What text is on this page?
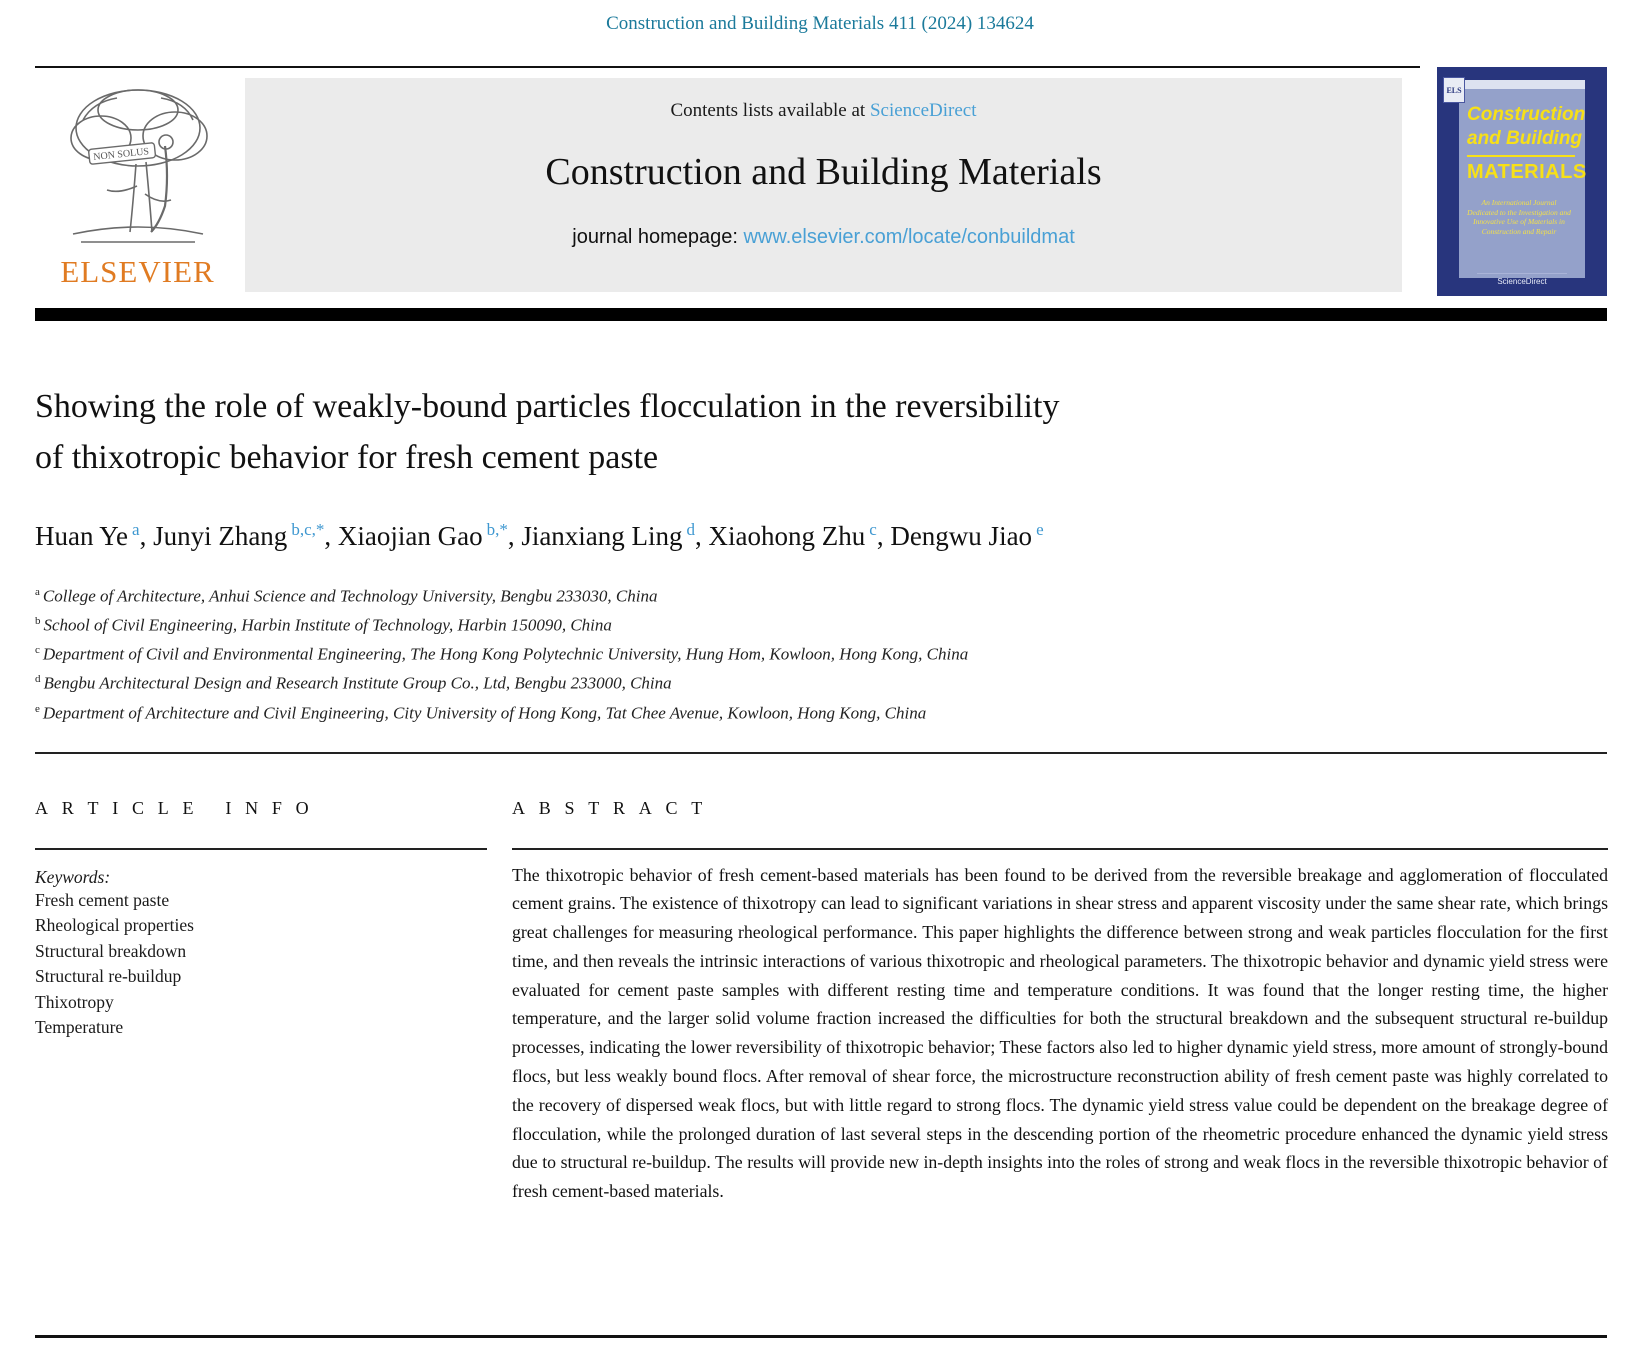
Construction and Building Materials 411 (2024) 134624
NON SOLUS
ELSEVIER
Contents lists available at ScienceDirect
Construction and Building Materials
journal homepage: www.elsevier.com/locate/conbuildmat
ELS
Construction
and Building
MATERIALS
An International Journal Dedicated to the Investigation and Innovative Use of Materials in Construction and Repair
ScienceDirect
Showing the role of weakly-bound particles flocculation in the reversibility
of thixotropic behavior for fresh cement paste
Huan Ye $^a$, Junyi Zhang $^{b,c,*}$, Xiaojian Gao $^{b,*}$, Jianxiang Ling $^d$, Xiaohong Zhu $^c$, Dengwu Jiao $^e$
$^a$ College of Architecture, Anhui Science and Technology University, Bengbu 233030, China
$^b$ School of Civil Engineering, Harbin Institute of Technology, Harbin 150090, China
$^c$ Department of Civil and Environmental Engineering, The Hong Kong Polytechnic University, Hung Hom, Kowloon, Hong Kong, China
$^d$ Bengbu Architectural Design and Research Institute Group Co., Ltd, Bengbu 233000, China
$^e$ Department of Architecture and Civil Engineering, City University of Hong Kong, Tat Chee Avenue, Kowloon, Hong Kong, China
A R T I C L E   I N F O
Keywords:
Fresh cement paste
Rheological properties
Structural breakdown
Structural re-buildup
Thixotropy
Temperature
A B S T R A C T
The thixotropic behavior of fresh cement-based materials has been found to be derived from the reversible breakage and agglomeration of flocculated cement grains. The existence of thixotropy can lead to significant variations in shear stress and apparent viscosity under the same shear rate, which brings great challenges for measuring rheological performance. This paper highlights the difference between strong and weak particles flocculation for the first time, and then reveals the intrinsic interactions of various thixotropic and rheological parameters. The thixotropic behavior and dynamic yield stress were evaluated for cement paste samples with different resting time and temperature conditions. It was found that the longer resting time, the higher temperature, and the larger solid volume fraction increased the difficulties for both the structural breakdown and the subsequent structural re-buildup processes, indicating the lower reversibility of thixotropic behavior; These factors also led to higher dynamic yield stress, more amount of strongly-bound flocs, but less weakly bound flocs. After removal of shear force, the microstructure reconstruction ability of fresh cement paste was highly correlated to the recovery of dispersed weak flocs, but with little regard to strong flocs. The dynamic yield stress value could be dependent on the breakage degree of flocculation, while the prolonged duration of last several steps in the descending portion of the rheometric procedure enhanced the dynamic yield stress due to structural re-buildup. The results will provide new in-depth insights into the roles of strong and weak flocs in the reversible thixotropic behavior of fresh cement-based materials.
